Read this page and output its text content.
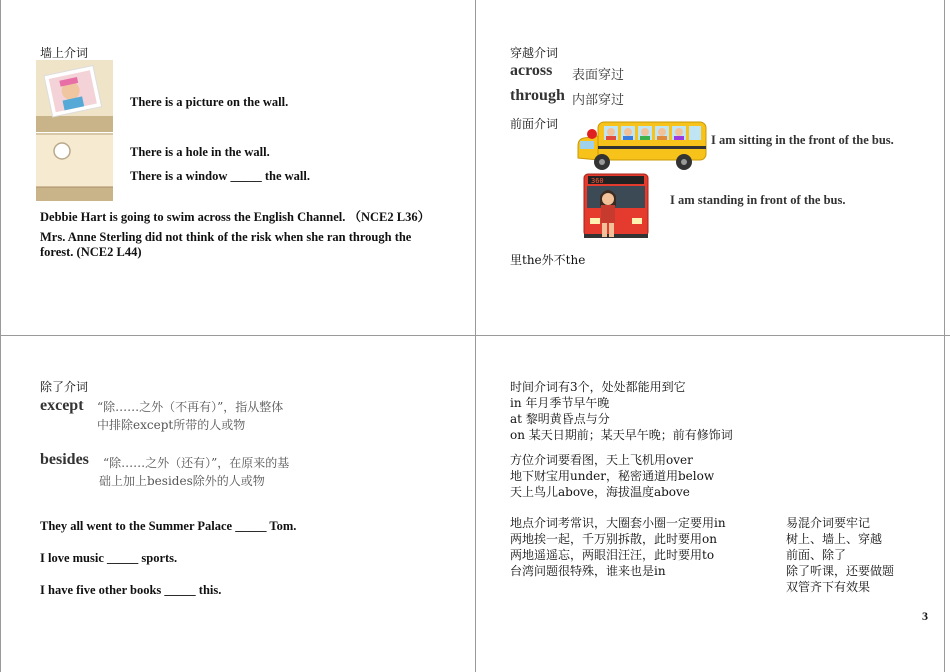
墙上介词
There is a picture on the wall.
There is a hole in the wall.
There is a window _____ the wall.
Debbie Hart is going to swim across the English Channel. （NCE2 L36）
Mrs. Anne Sterling did not think of the risk when she ran through the
forest. (NCE2 L44)
穿越介词
across 表面穿过
through 内部穿过
前面介词
I am sitting in the front of the bus.
360
I am standing in front of the bus.
里the外不the
除了介词
except “除……之外（不再有）”，指从整体
中排除except所带的人或物
besides “除……之外（还有）”，在原来的基
础上加上besides除外的人或物
They all went to the Summer Palace _____ Tom.
I love music _____ sports.
I have five other books _____ this.
时间介词有3个，处处都能用到它
in 年月季节早午晚
at 黎明黄昏点与分
on 某天日期前；某天早午晚；前有修饰词
方位介词要看图，天上飞机用over
地下财宝用under，秘密通道用below
天上鸟儿above，海拔温度above
地点介词考常识，大圈套小圈一定要用in
两地挨一起，千万别拆散，此时要用on
两地遥遥忘，两眼泪汪汪，此时要用to
台湾问题很特殊，谁来也是in
易混介词要牢记
树上、墙上、穿越
前面、除了
除了听课，还要做题
双管齐下有效果
3
